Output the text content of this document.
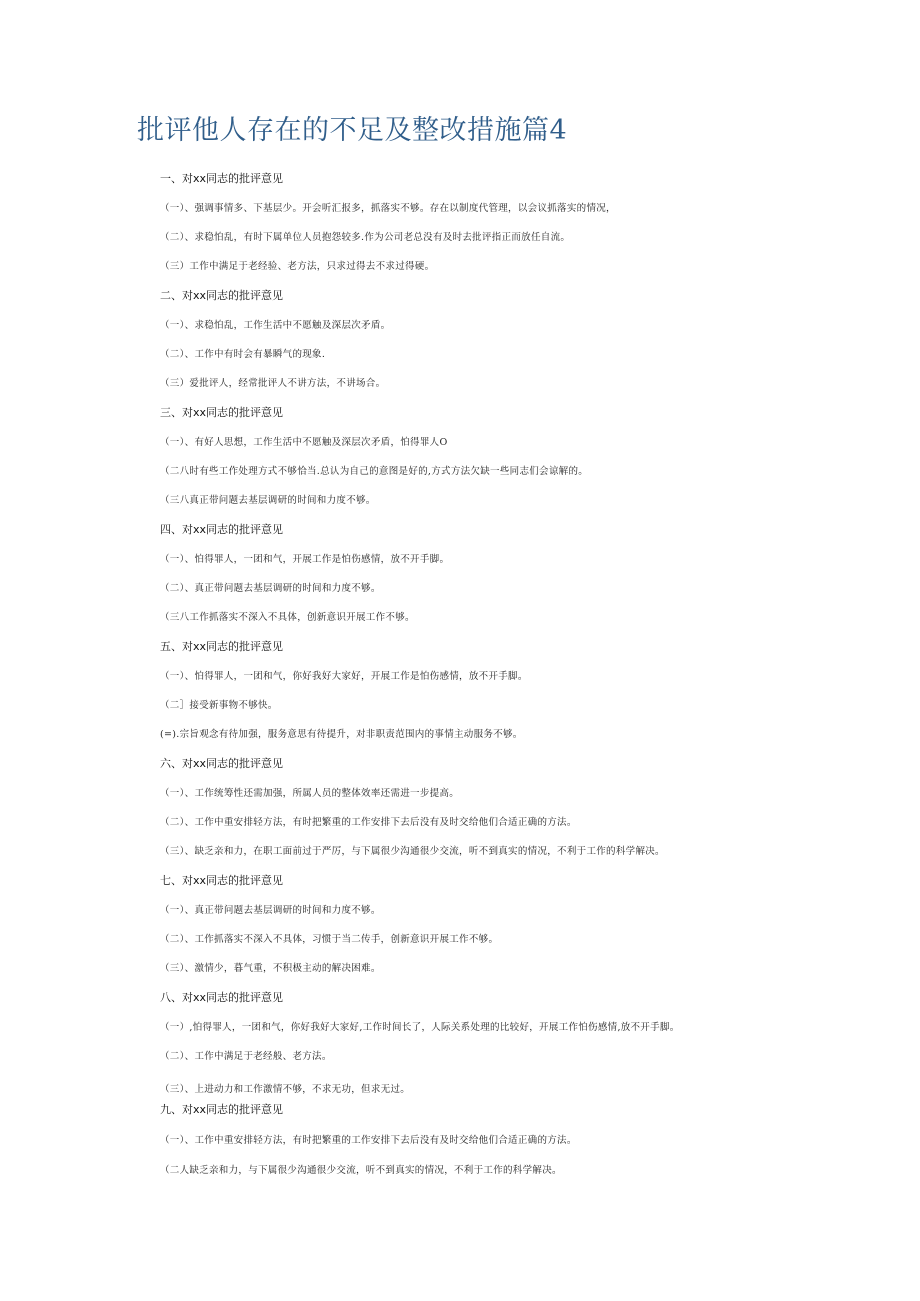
批评他人存在的不足及整改措施篇4
一、对xx同志的批评意见

（一）、强调事情多、下基层少。开会听汇报多，抓落实不够。存在以制度代管理，以会议抓落实的情况，

（二）、求稳怕乱，有时下属单位人员抱怨较多.作为公司老总没有及时去批评指正而放任自流。

（三）工作中满足于老经验、老方法，只求过得去不求过得硬。

二、对xx同志的批评意见

（一）、求稳怕乱，工作生活中不愿触及深层次矛盾。

（二）、工作中有时会有暴瞬气的现象.

（三）爱批评人，经常批评人不讲方法，不讲场合。

三、对xx同志的批评意见

（一）、有好人思想，工作生活中不愿触及深层次矛盾，怕得罪人O

（二八时有些工作处理方式不够恰当.总认为自己的意图是好的,方式方法欠缺一些同志们会谅解的。

（三八真正带问题去基层调研的时间和力度不够。

四、对xx同志的批评意见

（一）、怕得罪人，一团和气，开展工作是怕伤感情，放不开手脚。

（二）、真正带问题去基层调研的时间和力度不够。

（三八工作抓落实不深入不具体，创新意识开展工作不够。

五、对xx同志的批评意见

（一）、怕得罪人，一团和气，你好我好大家好，开展工作是怕伤感情，放不开手脚。

（二］接受新事物不够快。

(=).宗旨观念有待加强，服务意思有待提升，对非职责范围内的事情主动服务不够。

六、对xx同志的批评意见

（一）、工作统筹性还需加强，所属人员的整体效率还需进一步提高。

（二）、工作中重安排轻方法，有时把繁重的工作安排下去后没有及时交给他们合适正确的方法。

（三）、缺乏亲和力，在职工面前过于严厉，与下属很少沟通很少交流，听不到真实的情况，不利于工作的科学解决。

七、对xx同志的批评意见

（一）、真正带问题去基层调研的时间和力度不够。

（二）、工作抓落实不深入不具体，习惯于当二传手，创新意识开展工作不够。

（三）、激情少，暮气重，不积极主动的解决困难。

八、对xx同志的批评意见

（一）,怕得罪人，一团和气，你好我好大家好,工作时间长了，人际关系处理的比较好，开展工作怕伤感情,放不开手脚。

（二）、工作中满足于老经般、老方法。

（三）、上进动力和工作激情不够，不求无功，但求无过。

九、对xx同志的批评意见

（一）、工作中重安排轻方法，有时把繁重的工作安排下去后没有及时交给他们合适正确的方法。

（二人缺乏亲和力，与下属很少沟通很少交流，听不到真实的情况，不利于工作的科学解决。
